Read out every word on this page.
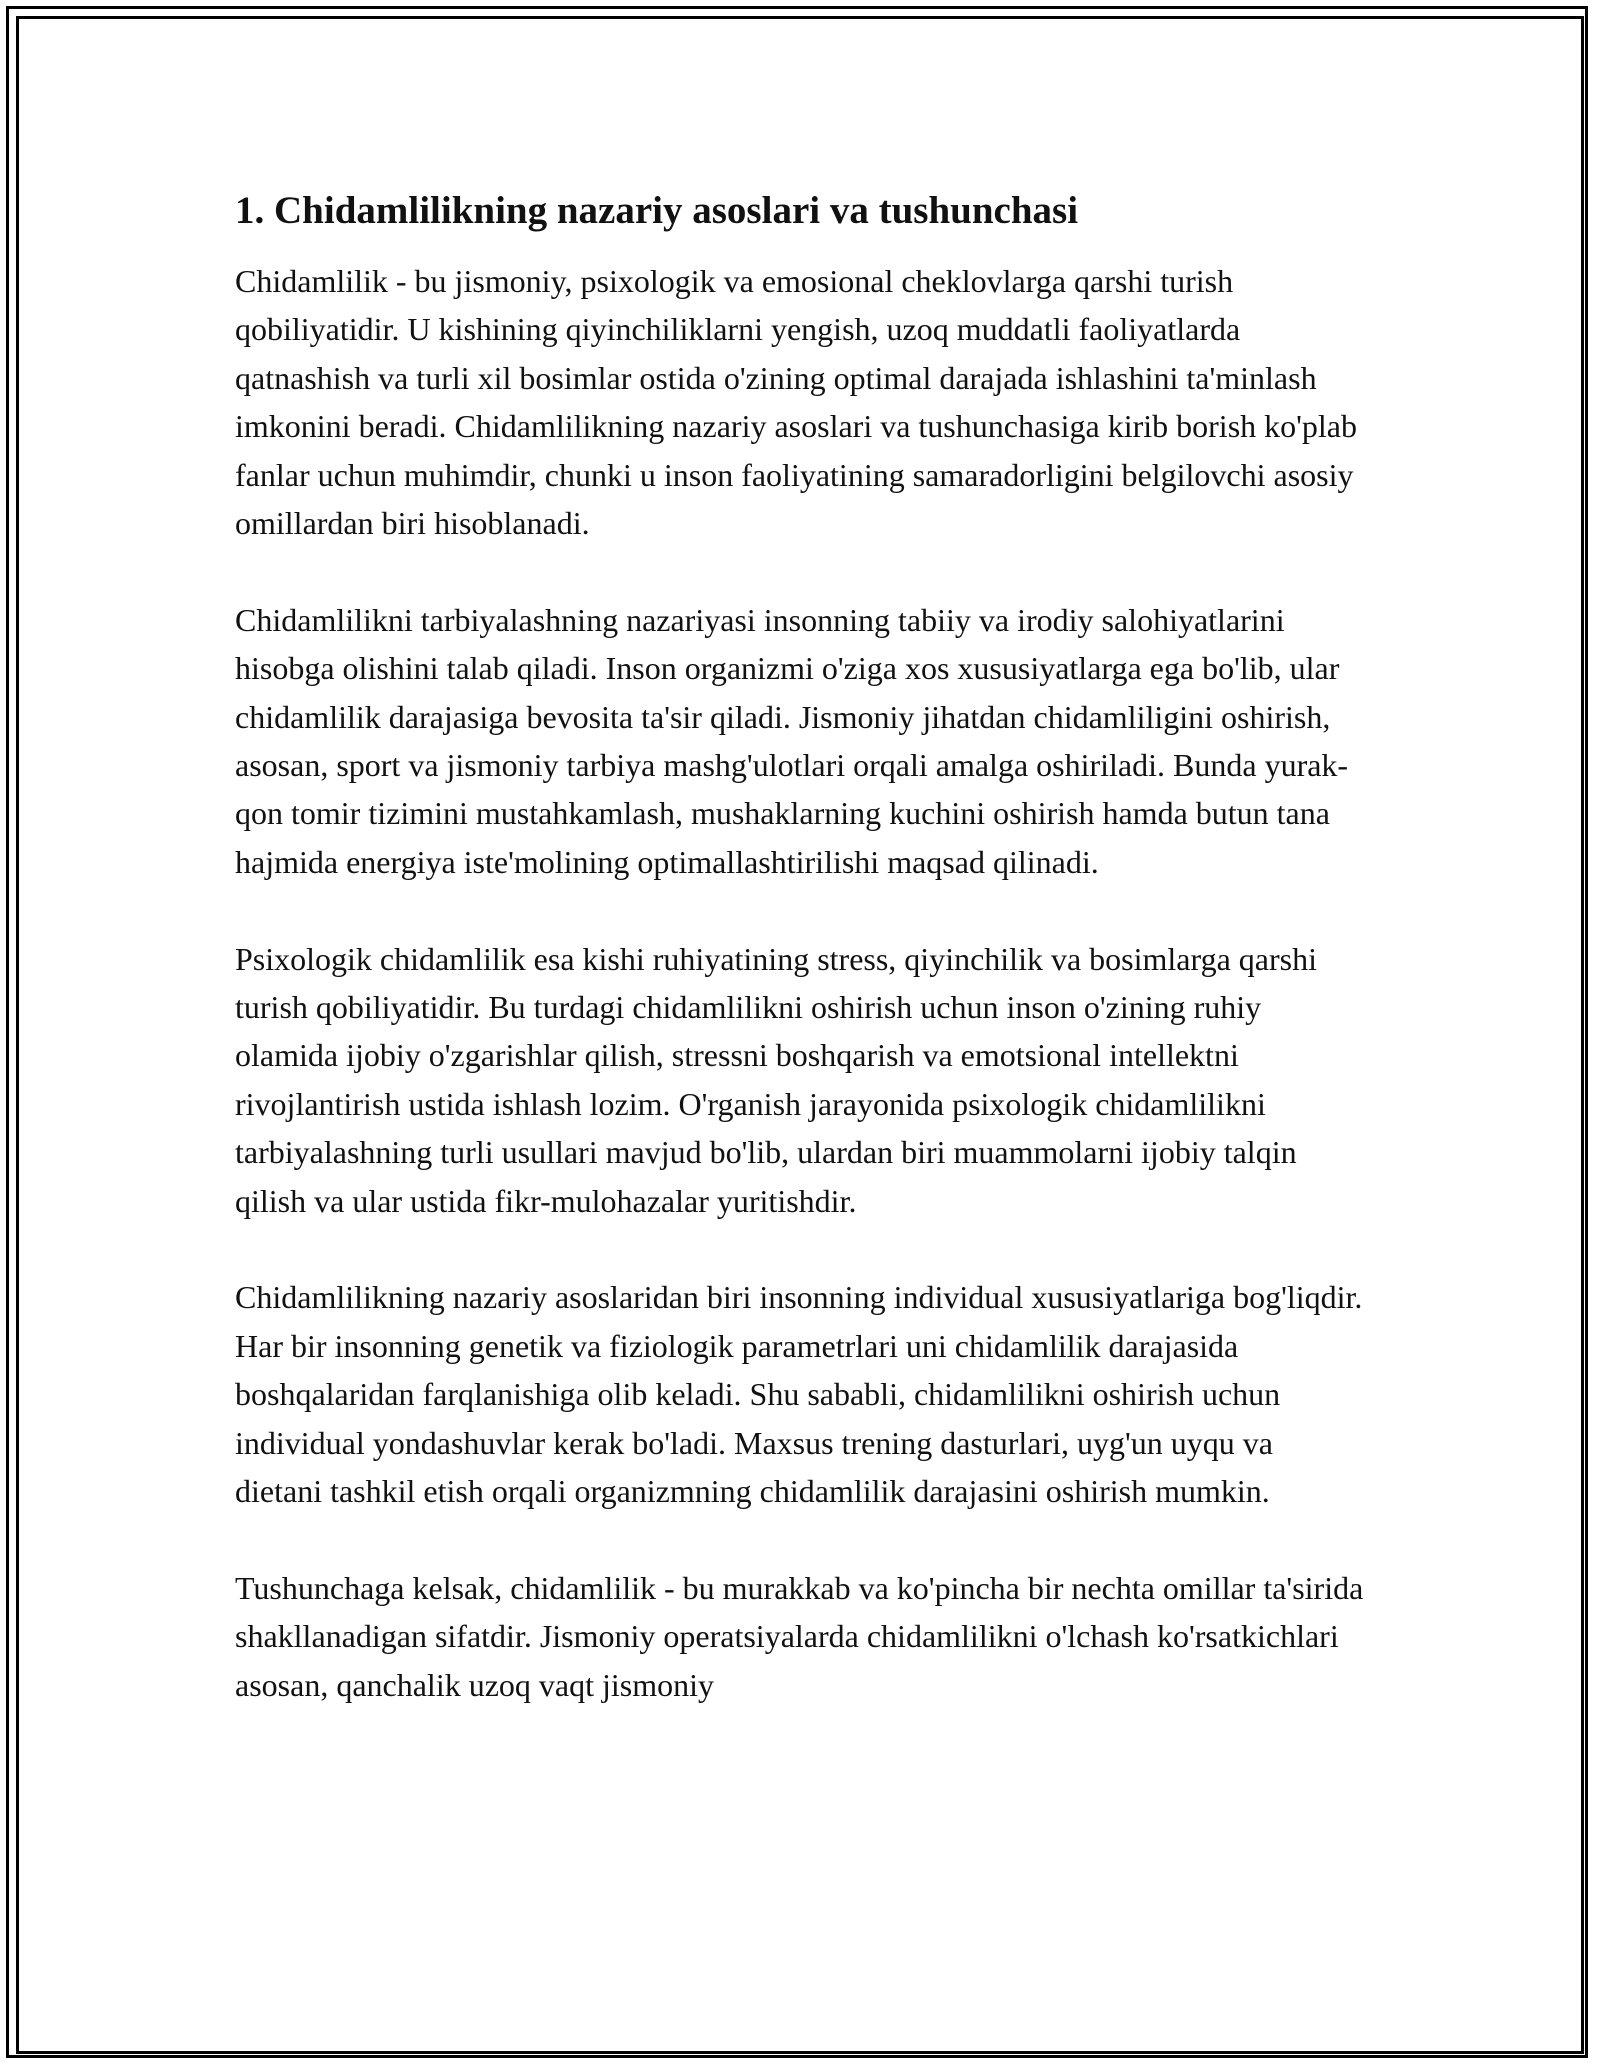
1. Chidamlilikning nazariy asoslari va tushunchasi

Chidamlilik - bu jismoniy, psixologik va emosional cheklovlarga qarshi turish qobiliyatidir. U kishining qiyinchiliklarni yengish, uzoq muddatli faoliyatlarda qatnashish va turli xil bosimlar ostida o'zining optimal darajada ishlashini ta'minlash imkonini beradi. Chidamlilikning nazariy asoslari va tushunchasiga kirib borish ko'plab fanlar uchun muhimdir, chunki u inson faoliyatining samaradorligini belgilovchi asosiy omillardan biri hisoblanadi.

Chidamlilikni tarbiyalashning nazariyasi insonning tabiiy va irodiy salohiyatlarini hisobga olishini talab qiladi. Inson organizmi o'ziga xos xususiyatlarga ega bo'lib, ular chidamlilik darajasiga bevosita ta'sir qiladi. Jismoniy jihatdan chidamliligini oshirish, asosan, sport va jismoniy tarbiya mashg'ulotlari orqali amalga oshiriladi. Bunda yurak-qon tomir tizimini mustahkamlash, mushaklarning kuchini oshirish hamda butun tana hajmida energiya iste'molining optimallashtirilishi maqsad qilinadi.

Psixologik chidamlilik esa kishi ruhiyatining stress, qiyinchilik va bosimlarga qarshi turish qobiliyatidir. Bu turdagi chidamlilikni oshirish uchun inson o'zining ruhiy olamida ijobiy o'zgarishlar qilish, stressni boshqarish va emotsional intellektni rivojlantirish ustida ishlash lozim. O'rganish jarayonida psixologik chidamlilikni tarbiyalashning turli usullari mavjud bo'lib, ulardan biri muammolarni ijobiy talqin qilish va ular ustida fikr-mulohazalar yuritishdir.

Chidamlilikning nazariy asoslaridan biri insonning individual xususiyatlariga bog'liqdir. Har bir insonning genetik va fiziologik parametrlari uni chidamlilik darajasida boshqalaridan farqlanishiga olib keladi. Shu sababli, chidamlilikni oshirish uchun individual yondashuvlar kerak bo'ladi. Maxsus trening dasturlari, uyg'un uyqu va dietani tashkil etish orqali organizmning chidamlilik darajasini oshirish mumkin.

Tushunchaga kelsak, chidamlilik - bu murakkab va ko'pincha bir nechta omillar ta'sirida shakllanadigan sifatdir. Jismoniy operatsiyalarda chidamlilikni o'lchash ko'rsatkichlari asosan, qanchalik uzoq vaqt jismoniy
